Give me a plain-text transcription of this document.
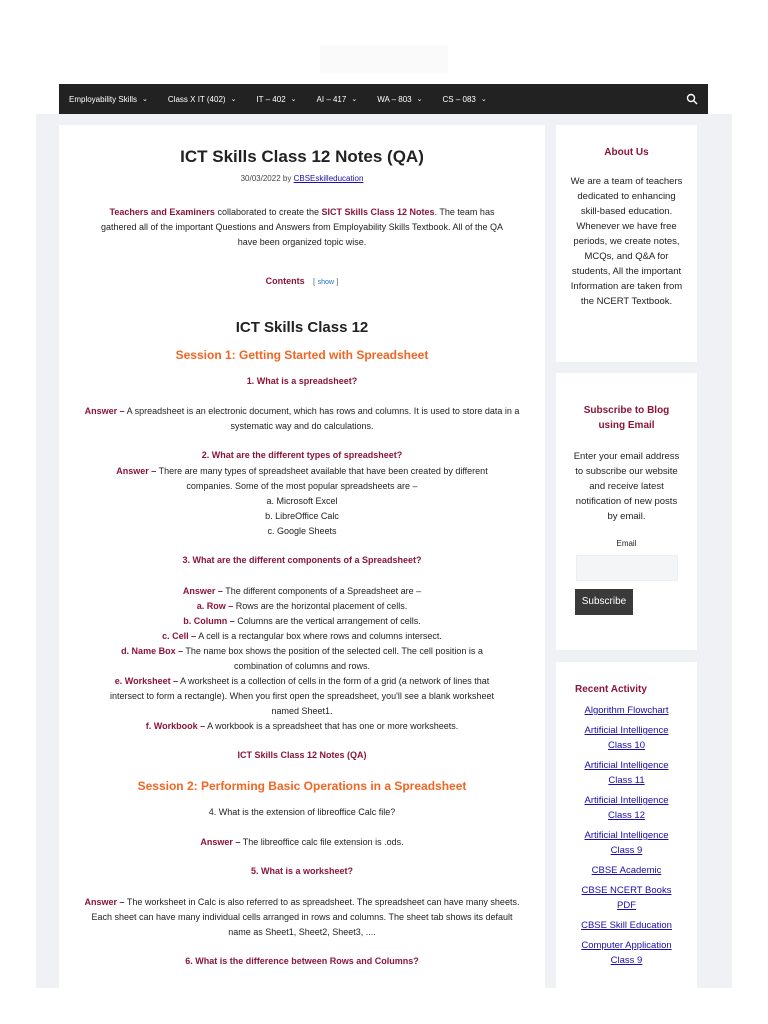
Employability Skills ⌄	Class X IT (402) ⌄	IT – 402 ⌄	AI – 417 ⌄	WA – 803 ⌄	CS – 083 ⌄
ICT Skills Class 12 Notes (QA)
30/03/2022 by CBSEskilleducation
Teachers and Examiners collaborated to create the SICT Skills Class 12 Notes. The team has gathered all of the important Questions and Answers from Employability Skills Textbook. All of the QA have been organized topic wise.
Contents [ show ]
ICT Skills Class 12
Session 1: Getting Started with Spreadsheet
1. What is a spreadsheet?
Answer – A spreadsheet is an electronic document, which has rows and columns. It is used to store data in a systematic way and do calculations.
2. What are the different types of spreadsheet?
Answer – There are many types of spreadsheet available that have been created by different companies. Some of the most popular spreadsheets are –
a. Microsoft Excel
b. LibreOffice Calc
c. Google Sheets
3. What are the different components of a Spreadsheet?
Answer – The different components of a Spreadsheet are –
a. Row – Rows are the horizontal placement of cells.
b. Column – Columns are the vertical arrangement of cells.
c. Cell – A cell is a rectangular box where rows and columns intersect.
d. Name Box – The name box shows the position of the selected cell. The cell position is a combination of columns and rows.
e. Worksheet – A worksheet is a collection of cells in the form of a grid (a network of lines that intersect to form a rectangle). When you first open the spreadsheet, you'll see a blank worksheet named Sheet1.
f. Workbook – A workbook is a spreadsheet that has one or more worksheets.
ICT Skills Class 12 Notes (QA)
Session 2: Performing Basic Operations in a Spreadsheet
4. What is the extension of libreoffice Calc file?
Answer – The libreoffice calc file extension is .ods.
5. What is a worksheet?
Answer – The worksheet in Calc is also referred to as spreadsheet. The spreadsheet can have many sheets. Each sheet can have many individual cells arranged in rows and columns. The sheet tab shows its default name as Sheet1, Sheet2, Sheet3, ....
6. What is the difference between Rows and Columns?
About Us
We are a team of teachers dedicated to enhancing skill-based education. Whenever we have free periods, we create notes, MCQs, and Q&A for students, All the important Information are taken from the NCERT Textbook.
Subscribe to Blog using Email
Enter your email address to subscribe our website and receive latest notification of new posts by email.
Email
Subscribe
Recent Activity
Algorithm Flowchart
Artificial Intelligence Class 10
Artificial Intelligence Class 11
Artificial Intelligence Class 12
Artificial Intelligence Class 9
CBSE Academic
CBSE NCERT Books PDF
CBSE Skill Education
Computer Application Class 9
